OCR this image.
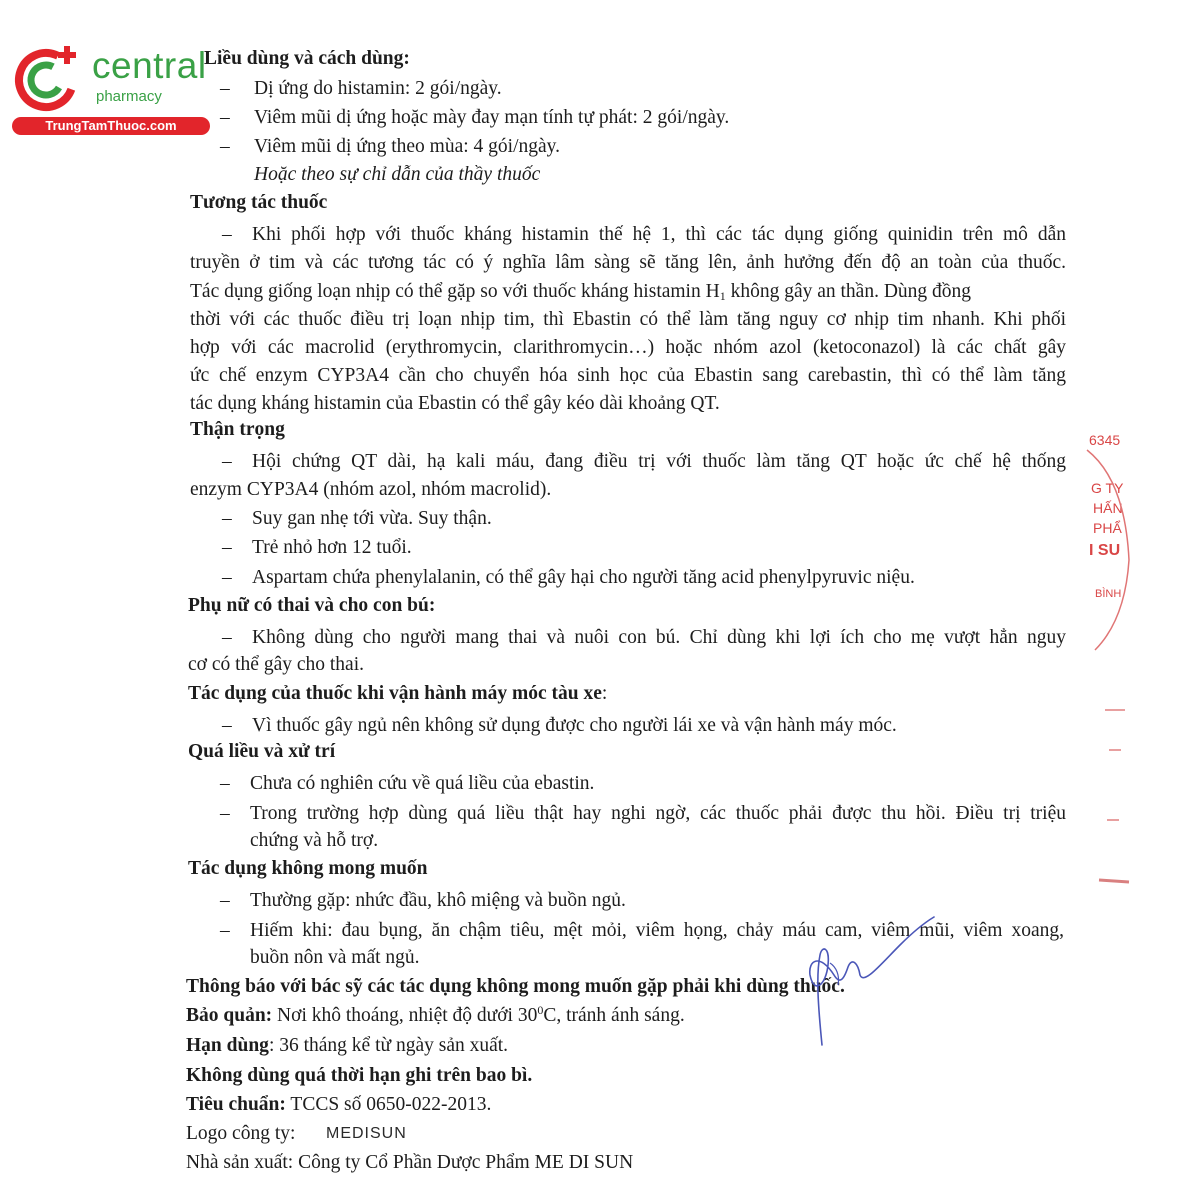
central
pharmacy
TrungTamThuoc.com
Liều dùng và cách dùng:
– Dị ứng do histamin: 2 gói/ngày.
– Viêm mũi dị ứng hoặc mày đay mạn tính tự phát: 2 gói/ngày.
– Viêm mũi dị ứng theo mùa: 4 gói/ngày.
Hoặc theo sự chỉ dẫn của thầy thuốc
Tương tác thuốc
– Khi phối hợp với thuốc kháng histamin thế hệ 1, thì các tác dụng giống quinidin trên mô dẫn
truyền ở tim và các tương tác có ý nghĩa lâm sàng sẽ tăng lên, ảnh hưởng đến độ an toàn của thuốc.
Tác dụng giống loạn nhịp có thể gặp so với thuốc kháng histamin $H_1$ không gây an thần. Dùng đồng
thời với các thuốc điều trị loạn nhịp tim, thì Ebastin có thể làm tăng nguy cơ nhịp tim nhanh. Khi phối
hợp với các macrolid (erythromycin, clarithromycin…) hoặc nhóm azol (ketoconazol) là các chất gây
ức chế enzym CYP3A4 cần cho chuyển hóa sinh học của Ebastin sang carebastin, thì có thể làm tăng
tác dụng kháng histamin của Ebastin có thể gây kéo dài khoảng QT.
Thận trọng
– Hội chứng QT dài, hạ kali máu, đang điều trị với thuốc làm tăng QT hoặc ức chế hệ thống
enzym CYP3A4 (nhóm azol, nhóm macrolid).
– Suy gan nhẹ tới vừa. Suy thận.
– Trẻ nhỏ hơn 12 tuổi.
– Aspartam chứa phenylalanin, có thể gây hại cho người tăng acid phenylpyruvic niệu.
Phụ nữ có thai và cho con bú:
– Không dùng cho người mang thai và nuôi con bú. Chỉ dùng khi lợi ích cho mẹ vượt hẳn nguy
cơ có thể gây cho thai.
Tác dụng của thuốc khi vận hành máy móc tàu xe:
– Vì thuốc gây ngủ nên không sử dụng được cho người lái xe và vận hành máy móc.
Quá liều và xử trí
– Chưa có nghiên cứu về quá liều của ebastin.
– Trong trường hợp dùng quá liều thật hay nghi ngờ, các thuốc phải được thu hồi. Điều trị triệu
chứng và hỗ trợ.
Tác dụng không mong muốn
– Thường gặp: nhức đầu, khô miệng và buồn ngủ.
– Hiếm khi: đau bụng, ăn chậm tiêu, mệt mỏi, viêm họng, chảy máu cam, viêm mũi, viêm xoang,
buồn nôn và mất ngủ.
Thông báo với bác sỹ các tác dụng không mong muốn gặp phải khi dùng thuốc.
Bảo quản: Nơi khô thoáng, nhiệt độ dưới $30^0C$, tránh ánh sáng.
Hạn dùng: 36 tháng kể từ ngày sản xuất.
Không dùng quá thời hạn ghi trên bao bì.
Tiêu chuẩn: TCCS số 0650-022-2013.
Logo công ty: MEDISUN
Nhà sản xuất: Công ty Cổ Phần Dược Phẩm ME DI SUN
6345
G TY
HẤN
PHẨ
I SU
BÌNH
